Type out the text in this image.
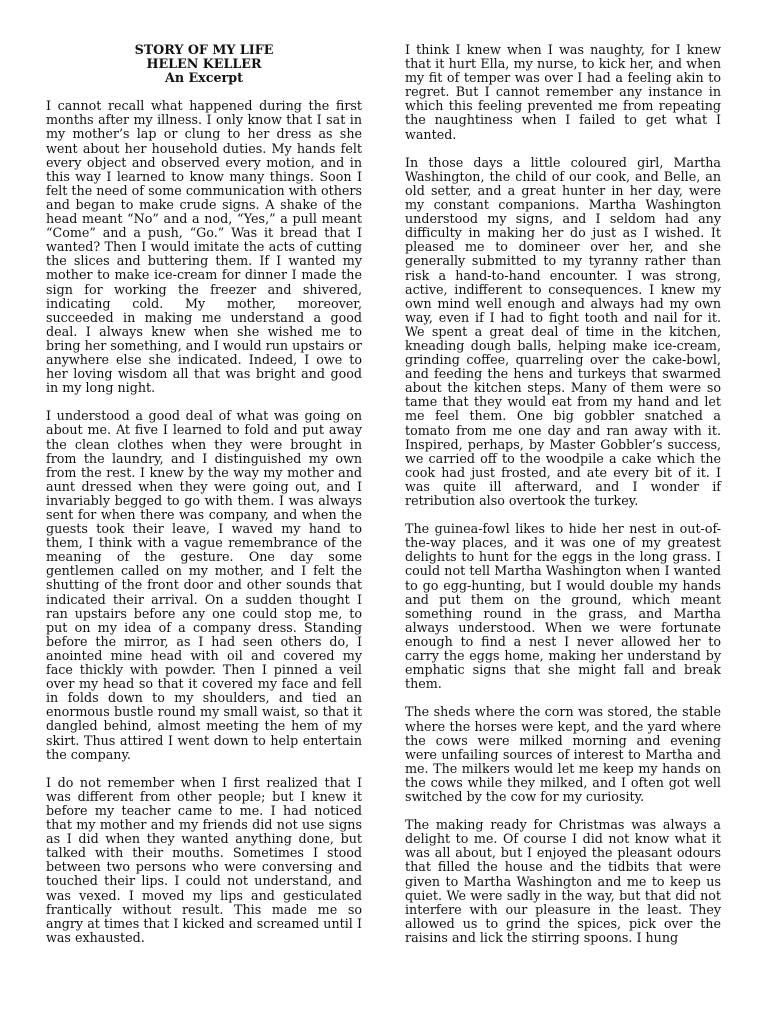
STORY OF MY LIFE
HELEN KELLER
An Excerpt

I cannot recall what happened during the first months after my illness. I only know that I sat in my mother’s lap or clung to her dress as she went about her household duties. My hands felt every object and observed every motion, and in this way I learned to know many things. Soon I felt the need of some communication with others and began to make crude signs. A shake of the head meant “No” and a nod, “Yes,” a pull meant “Come” and a push, “Go.” Was it bread that I wanted? Then I would imitate the acts of cutting the slices and buttering them. If I wanted my mother to make ice-cream for dinner I made the sign for working the freezer and shivered, indicating cold. My mother, moreover, succeeded in making me understand a good deal. I always knew when she wished me to bring her something, and I would run upstairs or anywhere else she indicated. Indeed, I owe to her loving wisdom all that was bright and good in my long night.

I understood a good deal of what was going on about me. At five I learned to fold and put away the clean clothes when they were brought in from the laundry, and I distinguished my own from the rest. I knew by the way my mother and aunt dressed when they were going out, and I invariably begged to go with them. I was always sent for when there was company, and when the guests took their leave, I waved my hand to them, I think with a vague remembrance of the meaning of the gesture. One day some gentlemen called on my mother, and I felt the shutting of the front door and other sounds that indicated their arrival. On a sudden thought I ran upstairs before any one could stop me, to put on my idea of a company dress. Standing before the mirror, as I had seen others do, I anointed mine head with oil and covered my face thickly with powder. Then I pinned a veil over my head so that it covered my face and fell in folds down to my shoulders, and tied an enormous bustle round my small waist, so that it dangled behind, almost meeting the hem of my skirt. Thus attired I went down to help entertain the company.

I do not remember when I first realized that I was different from other people; but I knew it before my teacher came to me. I had noticed that my mother and my friends did not use signs as I did when they wanted anything done, but talked with their mouths. Sometimes I stood between two persons who were conversing and touched their lips. I could not understand, and was vexed. I moved my lips and gesticulated frantically without result. This made me so angry at times that I kicked and screamed until I was exhausted.

I think I knew when I was naughty, for I knew that it hurt Ella, my nurse, to kick her, and when my fit of temper was over I had a feeling akin to regret. But I cannot remember any instance in which this feeling prevented me from repeating the naughtiness when I failed to get what I wanted.

In those days a little coloured girl, Martha Washington, the child of our cook, and Belle, an old setter, and a great hunter in her day, were my constant companions. Martha Washington understood my signs, and I seldom had any difficulty in making her do just as I wished. It pleased me to domineer over her, and she generally submitted to my tyranny rather than risk a hand-to-hand encounter. I was strong, active, indifferent to consequences. I knew my own mind well enough and always had my own way, even if I had to fight tooth and nail for it. We spent a great deal of time in the kitchen, kneading dough balls, helping make ice-cream, grinding coffee, quarreling over the cake-bowl, and feeding the hens and turkeys that swarmed about the kitchen steps. Many of them were so tame that they would eat from my hand and let me feel them. One big gobbler snatched a tomato from me one day and ran away with it. Inspired, perhaps, by Master Gobbler’s success, we carried off to the woodpile a cake which the cook had just frosted, and ate every bit of it. I was quite ill afterward, and I wonder if retribution also overtook the turkey.

The guinea-fowl likes to hide her nest in out-of-the-way places, and it was one of my greatest delights to hunt for the eggs in the long grass. I could not tell Martha Washington when I wanted to go egg-hunting, but I would double my hands and put them on the ground, which meant something round in the grass, and Martha always understood. When we were fortunate enough to find a nest I never allowed her to carry the eggs home, making her understand by emphatic signs that she might fall and break them.

The sheds where the corn was stored, the stable where the horses were kept, and the yard where the cows were milked morning and evening were unfailing sources of interest to Martha and me. The milkers would let me keep my hands on the cows while they milked, and I often got well switched by the cow for my curiosity.

The making ready for Christmas was always a delight to me. Of course I did not know what it was all about, but I enjoyed the pleasant odours that filled the house and the tidbits that were given to Martha Washington and me to keep us quiet. We were sadly in the way, but that did not interfere with our pleasure in the least. They allowed us to grind the spices, pick over the raisins and lick the stirring spoons. I hung
